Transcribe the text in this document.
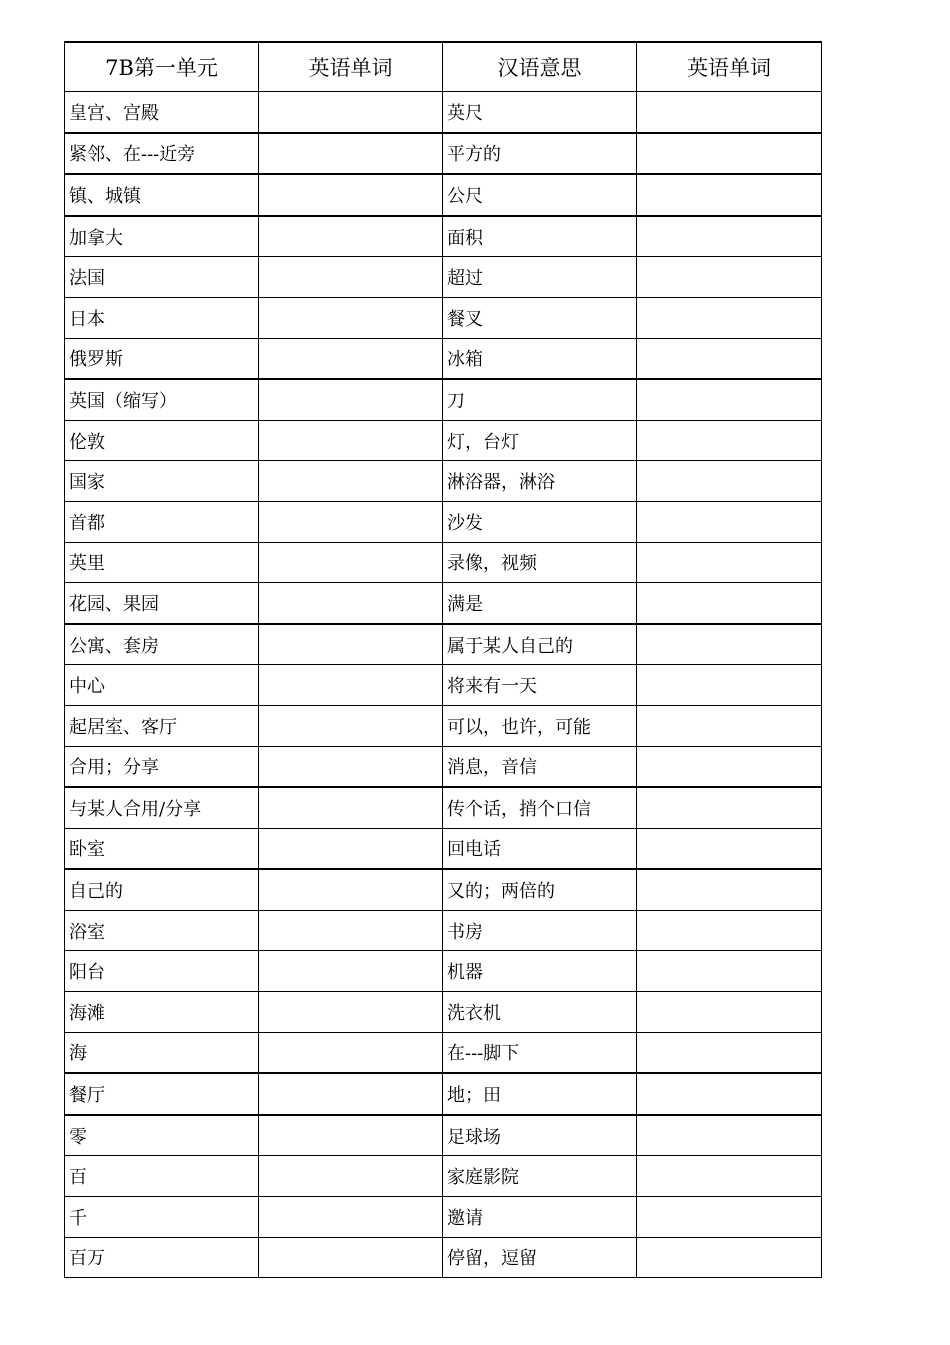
7B第一单元	英语单词	汉语意思	英语单词
皇宫、宫殿		英尺	
紧邻、在---近旁		平方的	
镇、城镇		公尺	
加拿大		面积	
法国		超过	
日本		餐叉	
俄罗斯		冰箱	
英国（缩写）		刀	
伦敦		灯，台灯	
国家		淋浴器，淋浴	
首都		沙发	
英里		录像，视频	
花园、果园		满是	
公寓、套房		属于某人自己的	
中心		将来有一天	
起居室、客厅		可以，也许，可能	
合用；分享		消息，音信	
与某人合用/分享		传个话，捎个口信	
卧室		回电话	
自己的		又的；两倍的	
浴室		书房	
阳台		机器	
海滩		洗衣机	
海		在---脚下	
餐厅		地；田	
零		足球场	
百		家庭影院	
千		邀请	
百万		停留，逗留	
